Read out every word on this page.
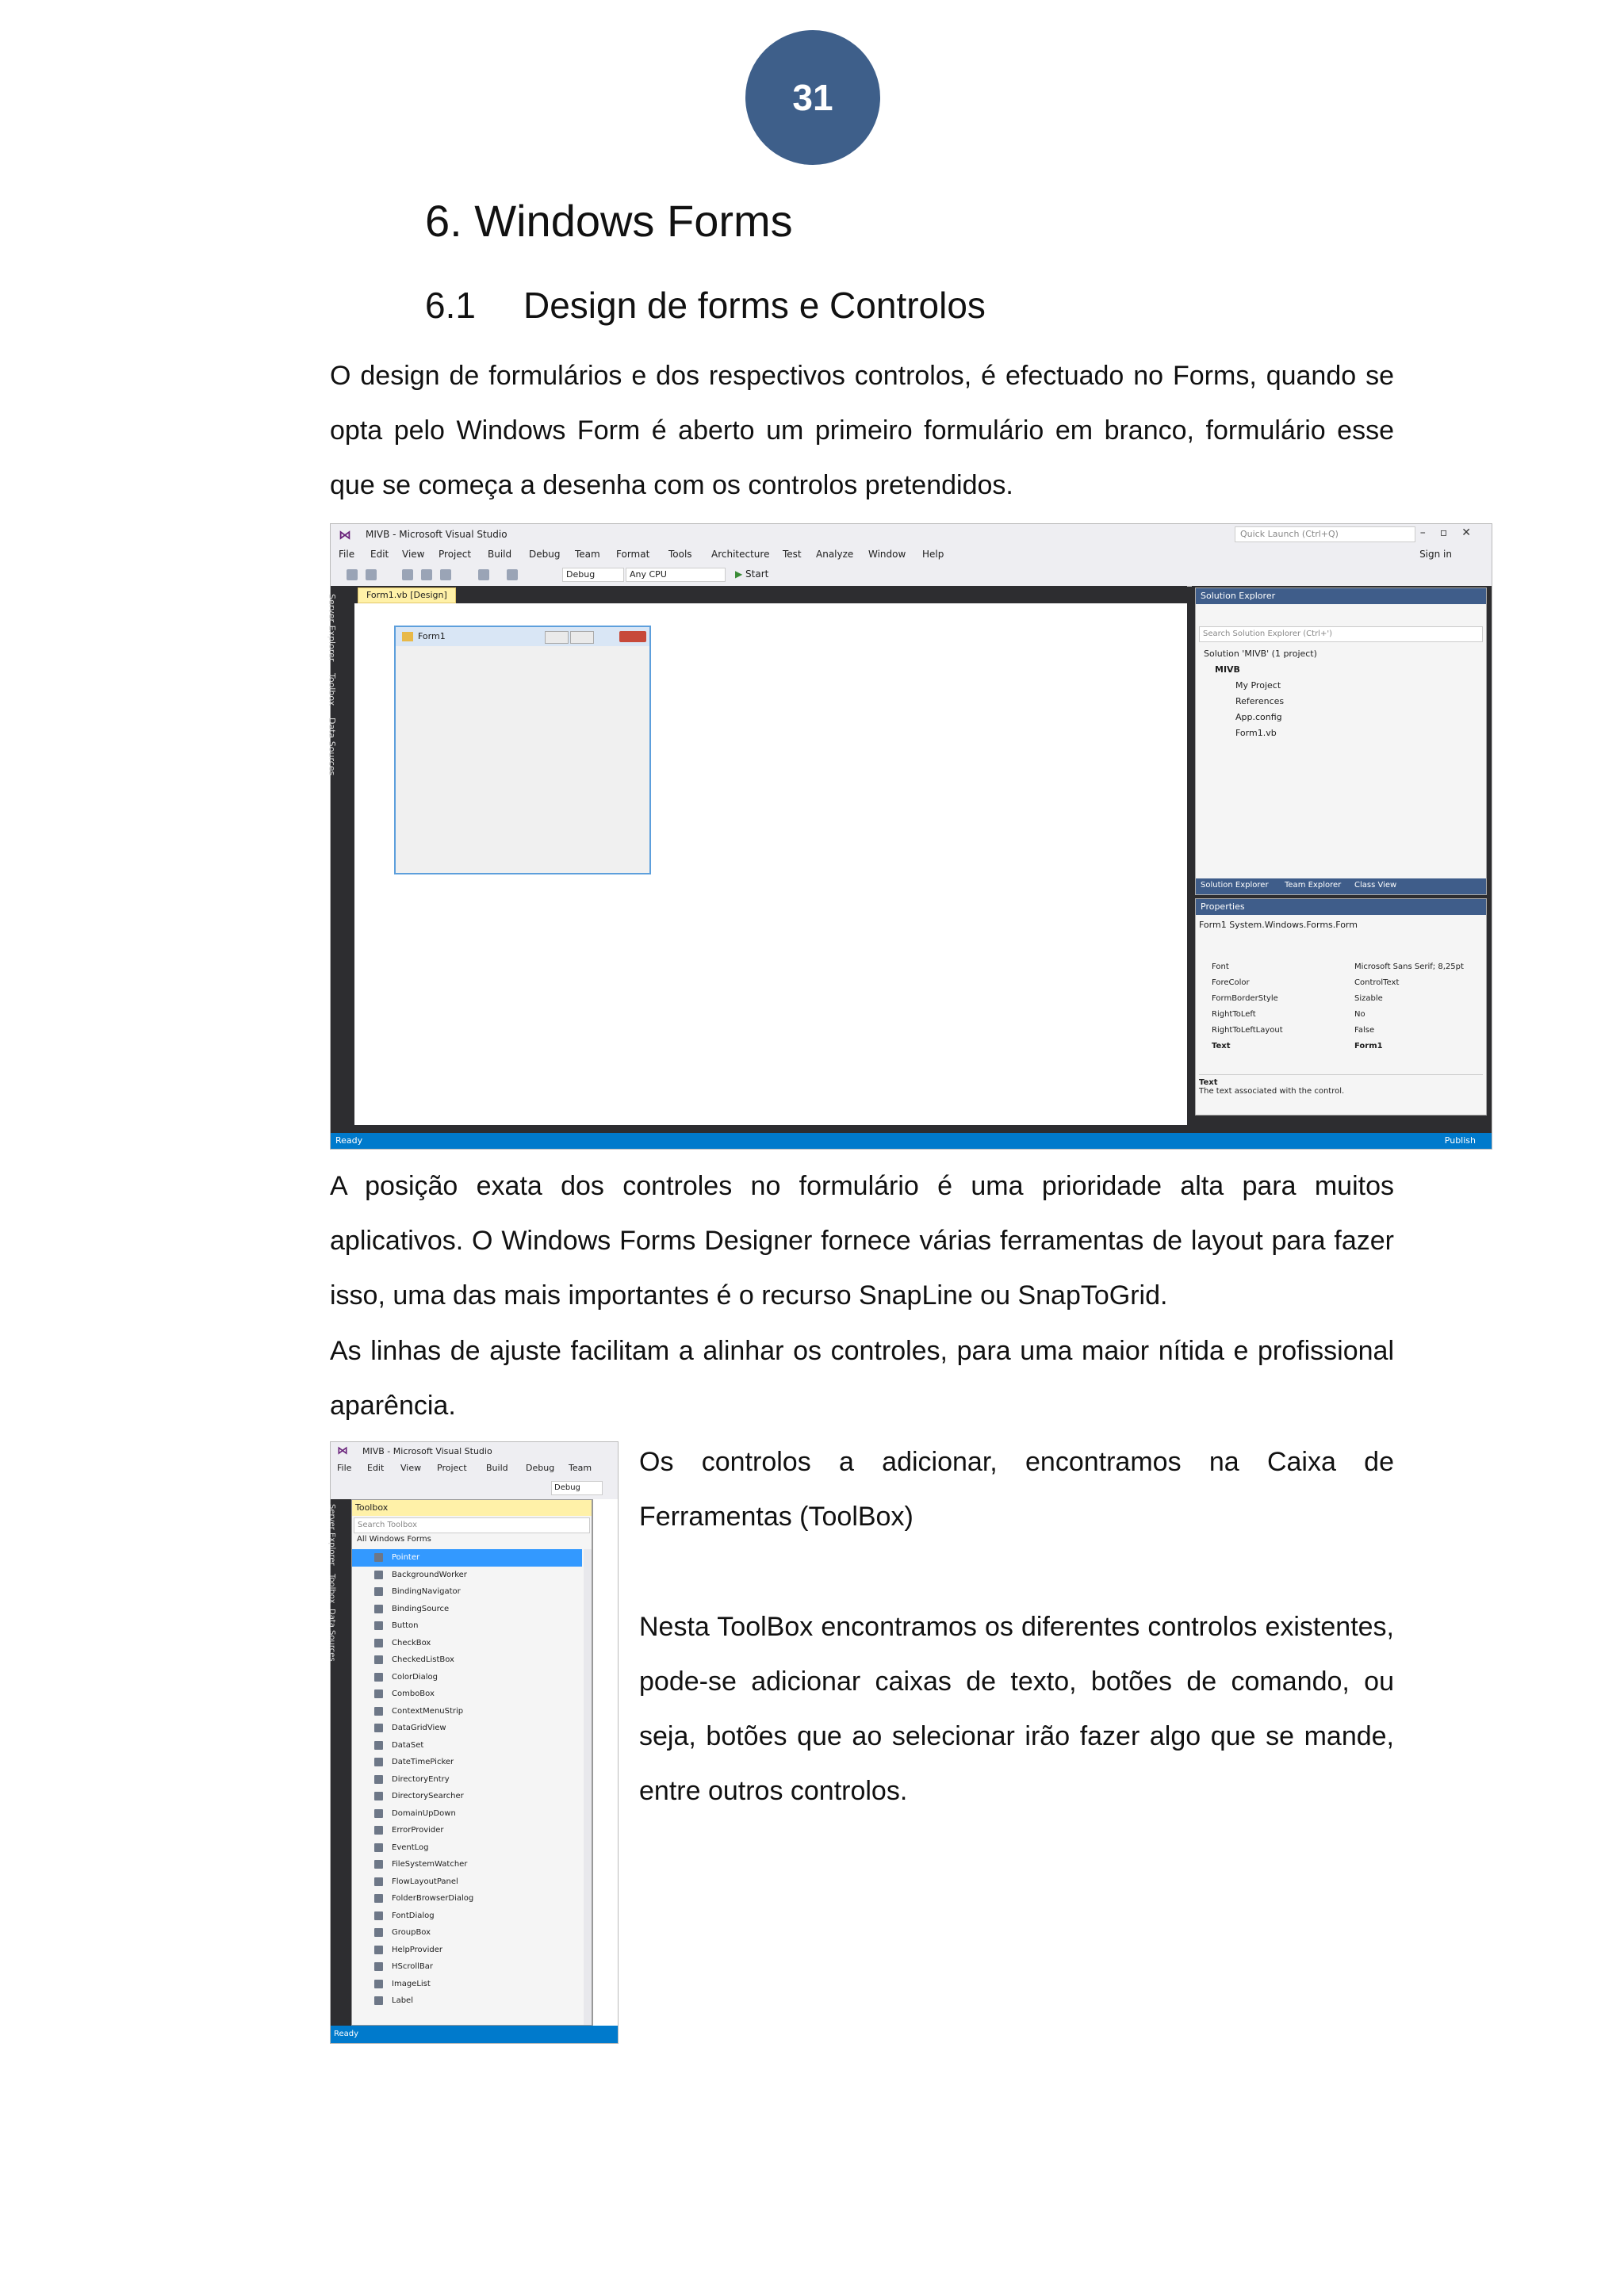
31
6. Windows Forms
6.1 Design de forms e Controlos

O design de formulários e dos respectivos controlos, é efectuado no Forms, quando se opta pelo Windows Form é aberto um primeiro formulário em branco, formulário esse que se começa a desenha com os controlos pretendidos.

⋈ MIVB - Microsoft Visual Studio	Quick Launch (Ctrl+Q)	–▫✕
File Edit View Project Build Debug Team Format Tools Architecture Test Analyze Window Help	Sign in
Debug	Any CPU
▶	Start
Server Explorer
Toolbox
Data Sources
Form1.vb [Design]
Form1
Solution Explorer
Search Solution Explorer (Ctrl+')
Solution 'MIVB' (1 project)
MIVB
My Project
References
App.config
Form1.vb
Solution Explorer Team Explorer Class View
Properties
Form1 System.Windows.Forms.Form
Font	Microsoft Sans Serif; 8,25pt
ForeColor	ControlText
FormBorderStyle	Sizable
RightToLeft	No
RightToLeftLayout	False
Text	Form1
Text
The text associated with the control.
Ready	Publish

A posição exata dos controles no formulário é uma prioridade alta para muitos aplicativos. O Windows Forms Designer fornece várias ferramentas de layout para fazer isso, uma das mais importantes é o recurso SnapLine ou SnapToGrid.

As linhas de ajuste facilitam a alinhar os controles, para uma maior nítida e profissional aparência.

⋈ MIVB - Microsoft Visual Studio
File Edit View Project Build Debug Team
Debug
Server Explorer
Toolbox
Data Sources
Toolbox
Search Toolbox
All Windows Forms
Pointer
BackgroundWorker
BindingNavigator
BindingSource
Button
CheckBox
CheckedListBox
ColorDialog
ComboBox
ContextMenuStrip
DataGridView
DataSet
DateTimePicker
DirectoryEntry
DirectorySearcher
DomainUpDown
ErrorProvider
EventLog
FileSystemWatcher
FlowLayoutPanel
FolderBrowserDialog
FontDialog
GroupBox
HelpProvider
HScrollBar
ImageList
Label
Ready

Os controlos a adicionar, encontramos na Caixa de Ferramentas (ToolBox)

Nesta ToolBox encontramos os diferentes controlos existentes, pode-se adicionar caixas de texto, botões de comando, ou seja, botões que ao selecionar irão fazer algo que se mande, entre outros controlos.
